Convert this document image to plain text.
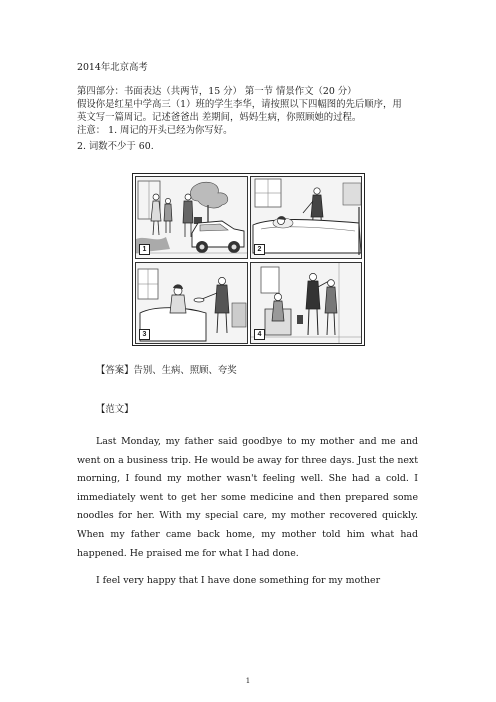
2014年北京高考
第四部分：书面表达（共两节，15 分） 第一节 情景作文（20 分）
假设你是红星中学高三（1）班的学生李华，请按照以下四幅图的先后顺序，用
英文写一篇周记。记述爸爸出 差期间，妈妈生病，你照顾她的过程。
注意： 1. 周记的开头已经为你写好。
2. 词数不少于 60.
1	2
3	4
【答案】告别、生病、照顾、夸奖
【范文】
Last Monday, my father said goodbye to my mother and me and went on a business trip. He would be away for three days. Just the next morning, I found my mother wasn't feeling well. She had a cold. I immediately went to get her some medicine and then prepared some noodles for her. With my special care, my mother recovered quickly. When my father came back home, my mother told him what had happened. He praised me for what I had done.
I feel very happy that I have done something for my mother
1
